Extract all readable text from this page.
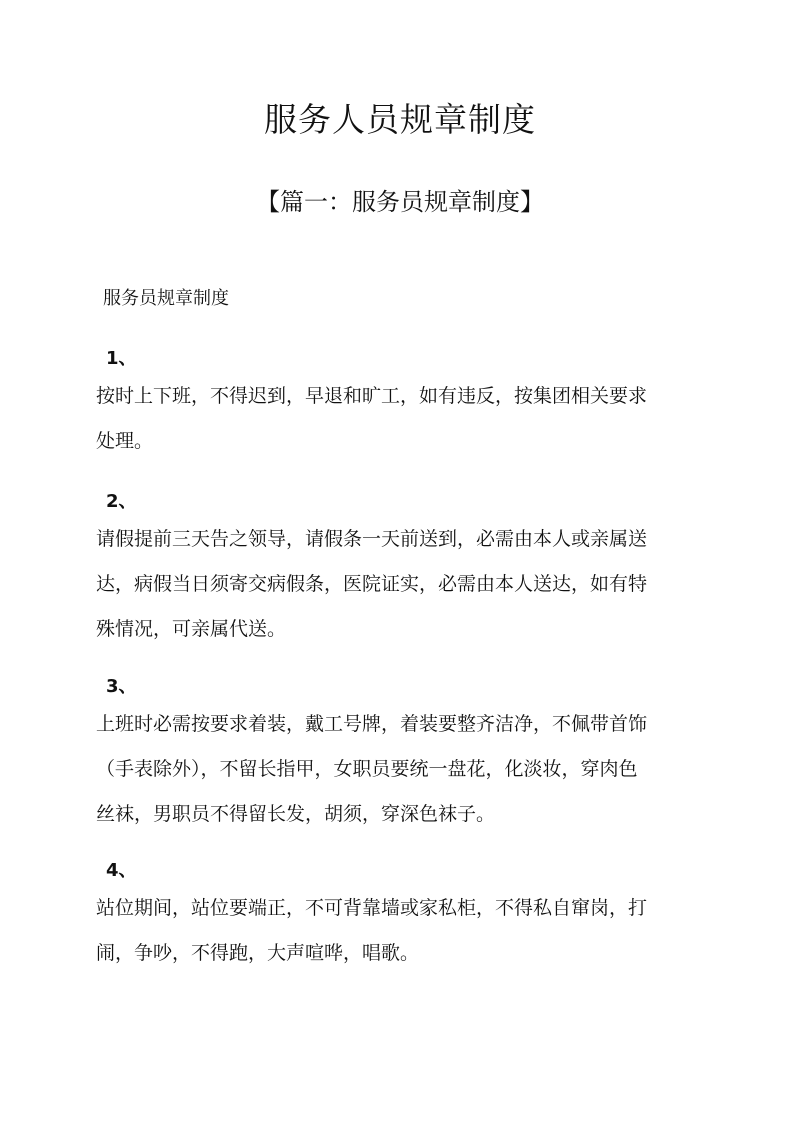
服务人员规章制度
【篇一：服务员规章制度】
服务员规章制度
1、
按时上下班，不得迟到，早退和旷工，如有违反，按集团相关要求
处理。
2、
请假提前三天告之领导，请假条一天前送到，必需由本人或亲属送
达，病假当日须寄交病假条，医院证实，必需由本人送达，如有特
殊情况，可亲属代送。
3、
上班时必需按要求着装，戴工号牌，着装要整齐洁净，不佩带首饰
（手表除外），不留长指甲，女职员要统一盘花，化淡妆，穿肉色
丝袜，男职员不得留长发，胡须，穿深色袜子。
4、
站位期间，站位要端正，不可背靠墙或家私柜，不得私自窜岗，打
闹，争吵，不得跑，大声喧哗，唱歌。
